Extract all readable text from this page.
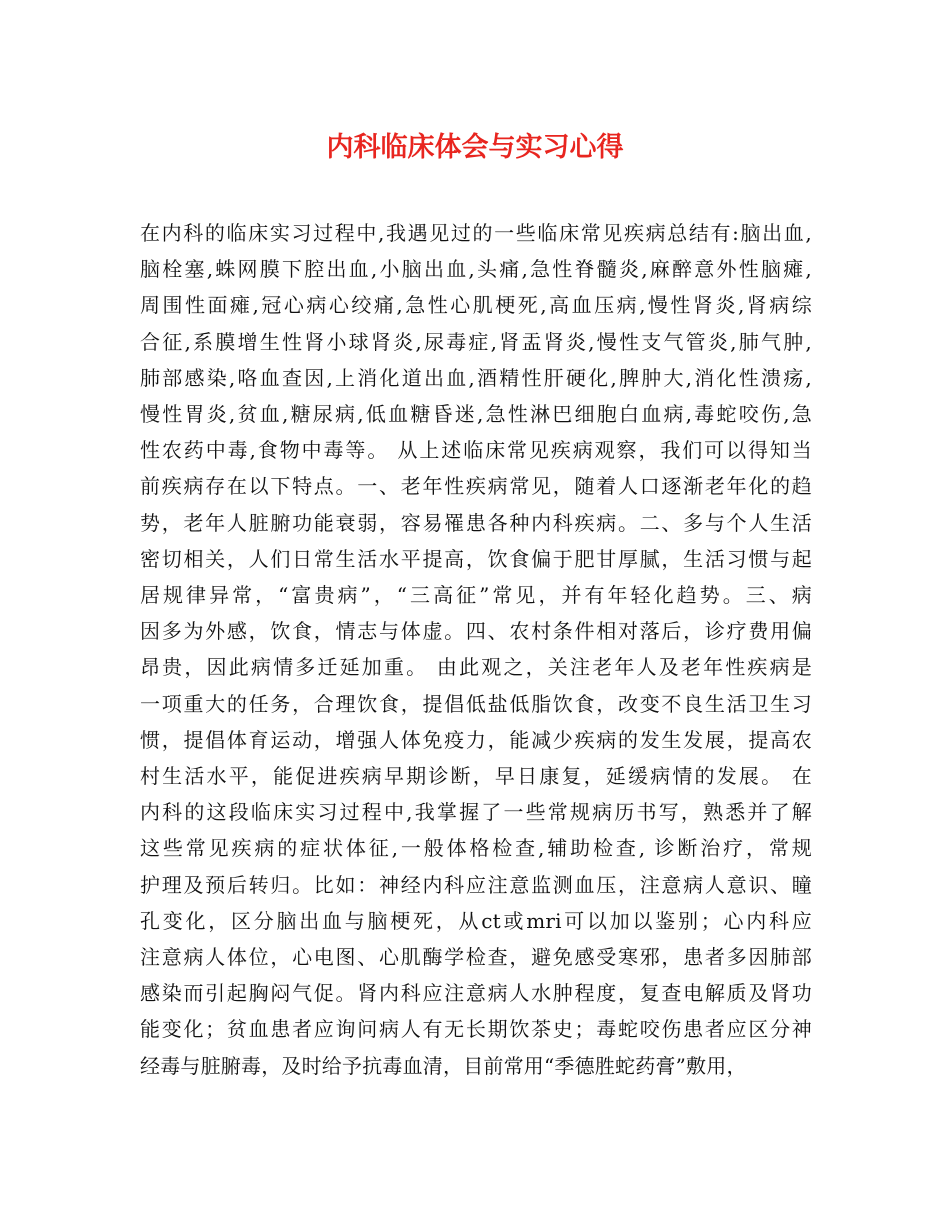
内科临床体会与实习心得
在内科的临床实习过程中,我遇见过的一些临床常见疾病总结有:脑出血,
脑栓塞,蛛网膜下腔出血,小脑出血,头痛,急性脊髓炎,麻醉意外性脑瘫,
周围性面瘫,冠心病心绞痛,急性心肌梗死,高血压病,慢性肾炎,肾病综
合征,系膜增生性肾小球肾炎,尿毒症,肾盂肾炎,慢性支气管炎,肺气肿,
肺部感染,咯血查因,上消化道出血,酒精性肝硬化,脾肿大,消化性溃疡,
慢性胃炎,贫血,糖尿病,低血糖昏迷,急性淋巴细胞白血病,毒蛇咬伤,急
性农药中毒,食物中毒等。 从上述临床常见疾病观察，我们可以得知当
前疾病存在以下特点。一、老年性疾病常见，随着人口逐渐老年化的趋
势，老年人脏腑功能衰弱，容易罹患各种内科疾病。二、多与个人生活
密切相关，人们日常生活水平提高，饮食偏于肥甘厚腻，生活习惯与起
居规律异常，“富贵病”，“三高征”常见，并有年轻化趋势。三、病
因多为外感，饮食，情志与体虚。四、农村条件相对落后，诊疗费用偏
昂贵，因此病情多迁延加重。 由此观之，关注老年人及老年性疾病是
一项重大的任务，合理饮食，提倡低盐低脂饮食，改变不良生活卫生习
惯，提倡体育运动，增强人体免疫力，能减少疾病的发生发展，提高农
村生活水平，能促进疾病早期诊断，早日康复，延缓病情的发展。 在
内科的这段临床实习过程中,我掌握了一些常规病历书写，熟悉并了解
这些常见疾病的症状体征,一般体格检查,辅助检查, 诊断治疗，常规
护理及预后转归。比如：神经内科应注意监测血压，注意病人意识、瞳
孔变化，区分脑出血与脑梗死，从ct或mri可以加以鉴别；心内科应
注意病人体位，心电图、心肌酶学检查，避免感受寒邪，患者多因肺部
感染而引起胸闷气促。肾内科应注意病人水肿程度，复查电解质及肾功
能变化；贫血患者应询问病人有无长期饮茶史；毒蛇咬伤患者应区分神
经毒与脏腑毒，及时给予抗毒血清，目前常用“季德胜蛇药膏”敷用，
